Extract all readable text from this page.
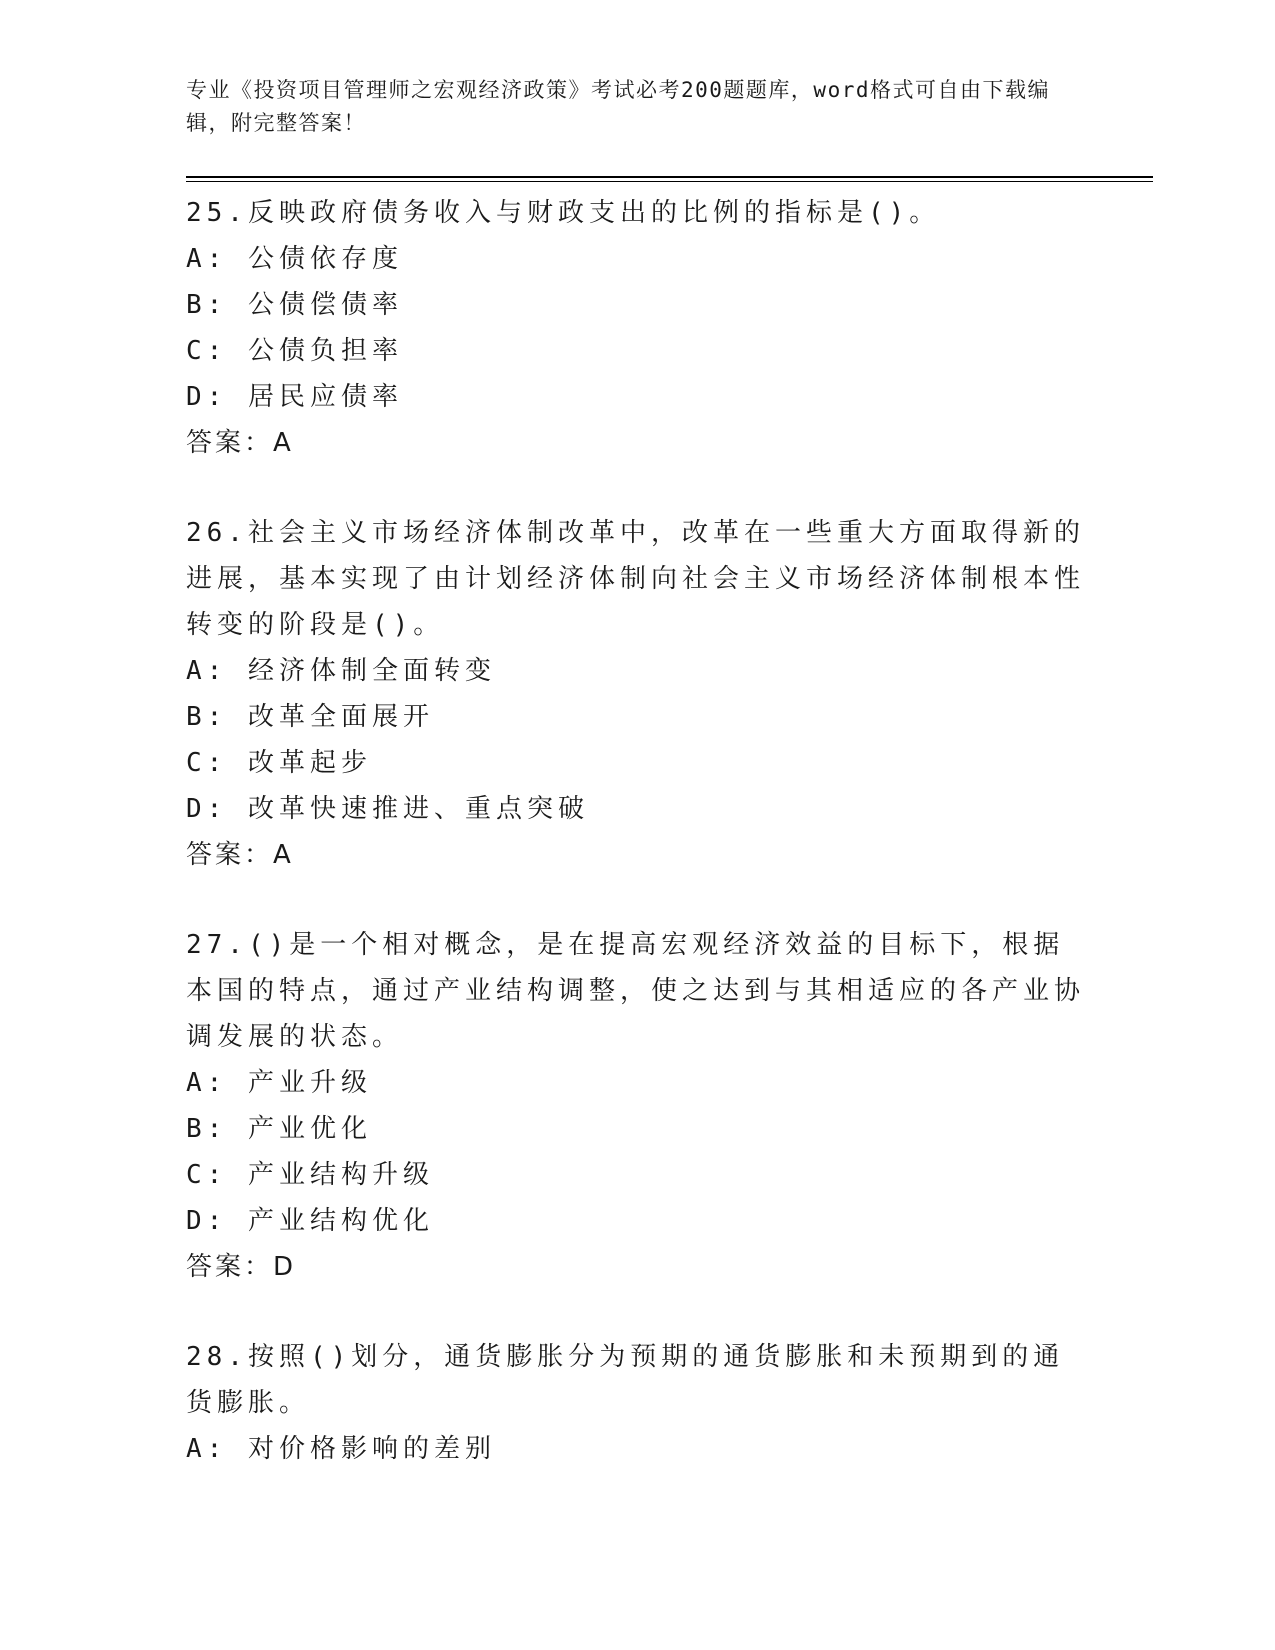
专业《投资项目管理师之宏观经济政策》考试必考200题题库，word格式可自由下载编辑，附完整答案！
25.反映政府债务收入与财政支出的比例的指标是()。
A: 公债依存度
B: 公债偿债率
C: 公债负担率
D: 居民应债率
答案：A
26.社会主义市场经济体制改革中，改革在一些重大方面取得新的进展，基本实现了由计划经济体制向社会主义市场经济体制根本性转变的阶段是()。
A: 经济体制全面转变
B: 改革全面展开
C: 改革起步
D: 改革快速推进、重点突破
答案：A
27.()是一个相对概念，是在提高宏观经济效益的目标下，根据本国的特点，通过产业结构调整，使之达到与其相适应的各产业协调发展的状态。
A: 产业升级
B: 产业优化
C: 产业结构升级
D: 产业结构优化
答案：D
28.按照()划分，通货膨胀分为预期的通货膨胀和未预期到的通货膨胀。
A: 对价格影响的差别
